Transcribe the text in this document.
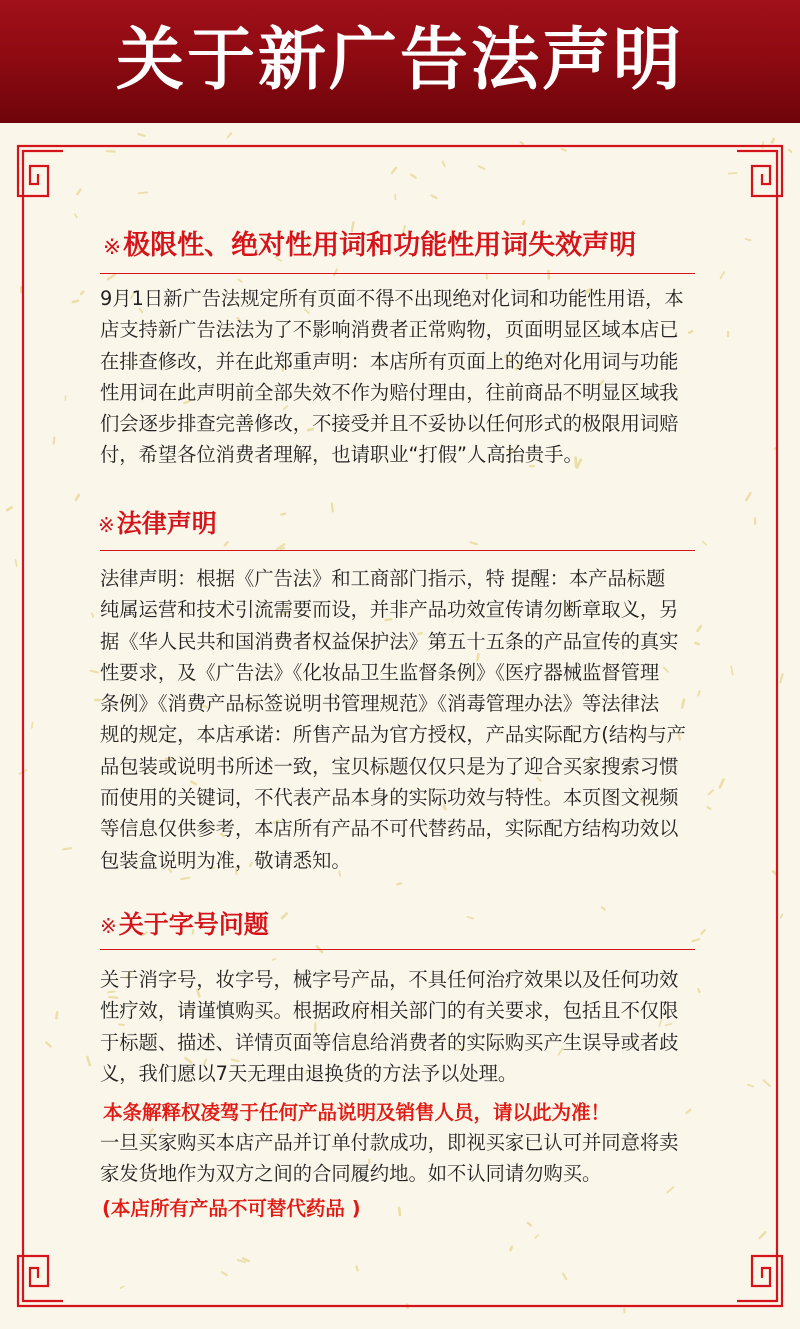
关于新广告法声明
※极限性、绝对性用词和功能性用词失效声明
9月1日新广告法规定所有页面不得不出现绝对化词和功能性用语，本
店支持新广告法法为了不影响消费者正常购物，页面明显区域本店已
在排查修改，并在此郑重声明：本店所有页面上的绝对化用词与功能
性用词在此声明前全部失效不作为赔付理由，往前商品不明显区域我
们会逐步排查完善修改，不接受并且不妥协以任何形式的极限用词赔
付，希望各位消费者理解，也请职业“打假”人高抬贵手。
※法律声明
法律声明：根据《广告法》和工商部门指示，特 提醒：本产品标题
纯属运营和技术引流需要而设，并非产品功效宣传请勿断章取义，另
据《华人民共和国消费者权益保护法》第五十五条的产品宣传的真实
性要求，及《广告法》《化妆品卫生监督条例》《医疗器械监督管理
条例》《消费产品标签说明书管理规范》《消毒管理办法》等法律法
规的规定，本店承诺：所售产品为官方授权，产品实际配方(结构与产
品包装或说明书所述一致，宝贝标题仅仅只是为了迎合买家搜索习惯
而使用的关键词，不代表产品本身的实际功效与特性。本页图文视频
等信息仅供参考，本店所有产品不可代替药品，实际配方结构功效以
包装盒说明为准，敬请悉知。
※关于字号问题
关于消字号，妆字号，械字号产品，不具任何治疗效果以及任何功效
性疗效，请谨慎购买。根据政府相关部门的有关要求，包括且不仅限
于标题、描述、详情页面等信息给消费者的实际购买产生误导或者歧
义，我们愿以7天无理由退换货的方法予以处理。
本条解释权凌驾于任何产品说明及销售人员，请以此为准！
一旦买家购买本店产品并订单付款成功，即视买家已认可并同意将卖
家发货地作为双方之间的合同履约地。如不认同请勿购买。
(本店所有产品不可替代药品 )
